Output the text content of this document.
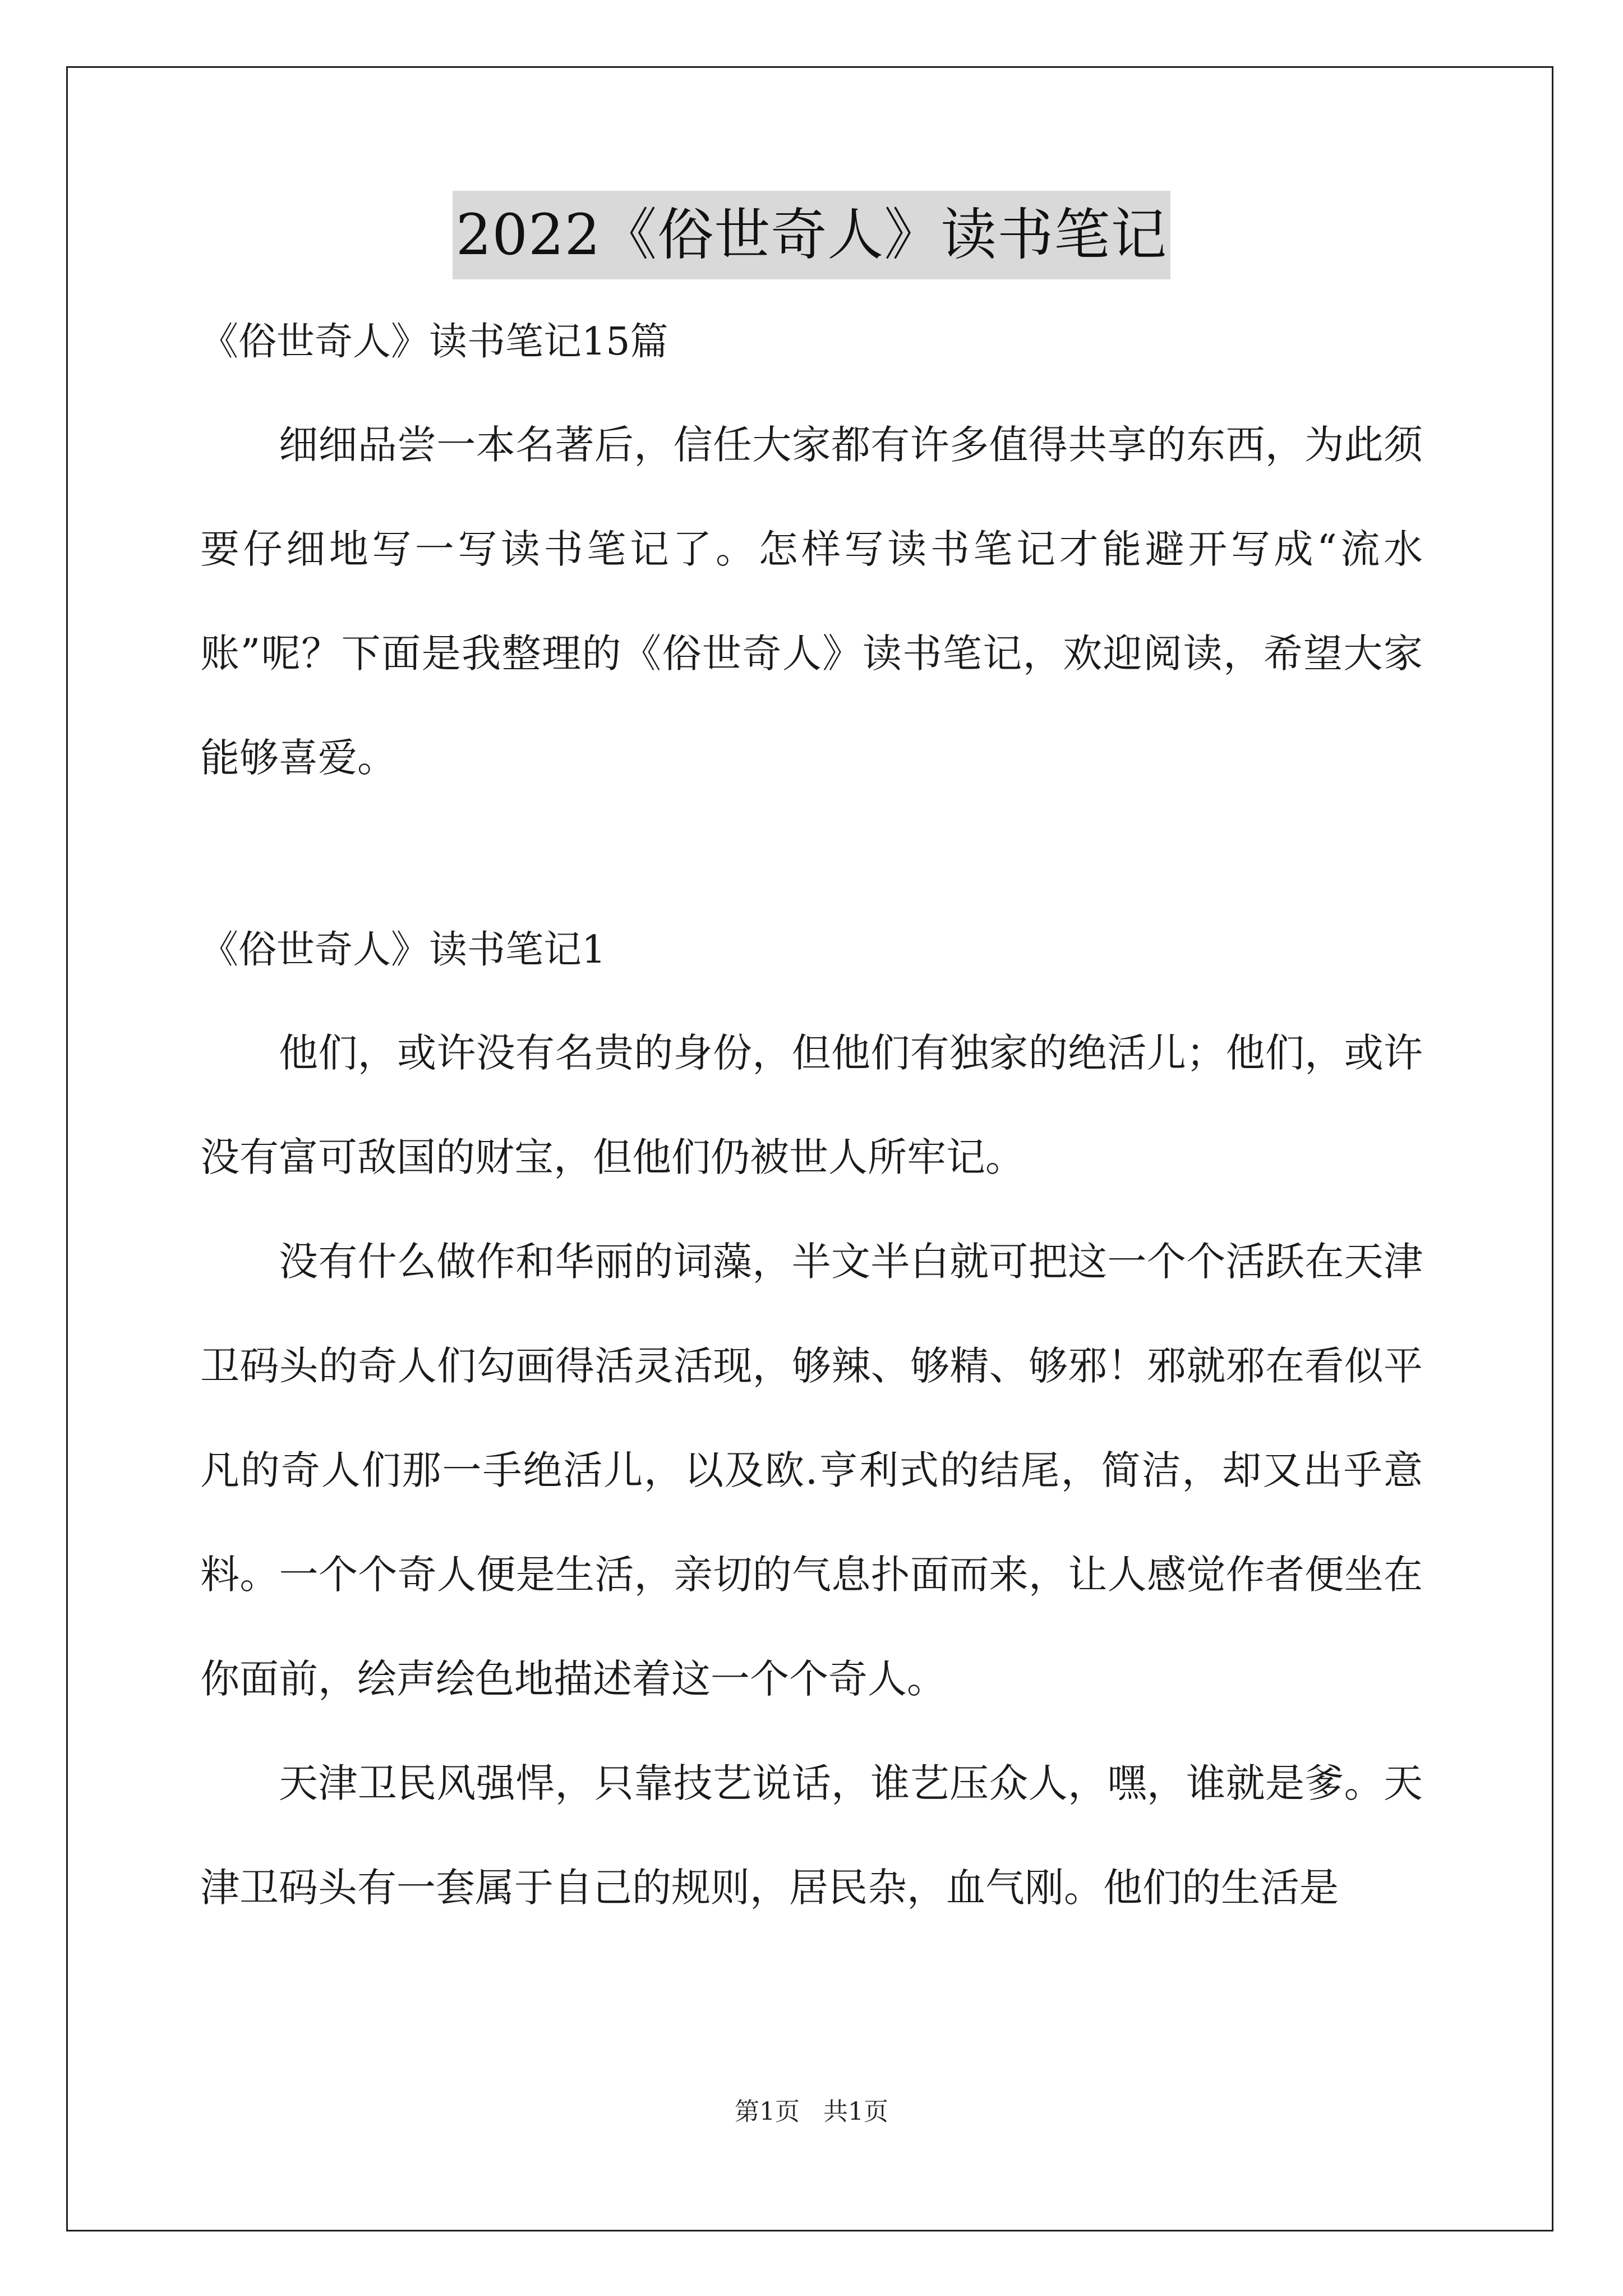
2022《俗世奇人》读书笔记

《俗世奇人》读书笔记15篇

细细品尝一本名著后，信任大家都有许多值得共享的东西，为此须要仔细地写一写读书笔记了。怎样写读书笔记才能避开写成“流水账”呢？下面是我整理的《俗世奇人》读书笔记，欢迎阅读，希望大家能够喜爱。

《俗世奇人》读书笔记1

他们，或许没有名贵的身份，但他们有独家的绝活儿；他们，或许没有富可敌国的财宝，但他们仍被世人所牢记。

没有什么做作和华丽的词藻，半文半白就可把这一个个活跃在天津卫码头的奇人们勾画得活灵活现，够辣、够精、够邪！邪就邪在看似平凡的奇人们那一手绝活儿，以及欧.亨利式的结尾，简洁，却又出乎意料。一个个奇人便是生活，亲切的气息扑面而来，让人感觉作者便坐在你面前，绘声绘色地描述着这一个个奇人。

天津卫民风强悍，只靠技艺说话，谁艺压众人，嘿，谁就是爹。天津卫码头有一套属于自己的规则，居民杂，血气刚。他们的生活是

第1页   共1页
